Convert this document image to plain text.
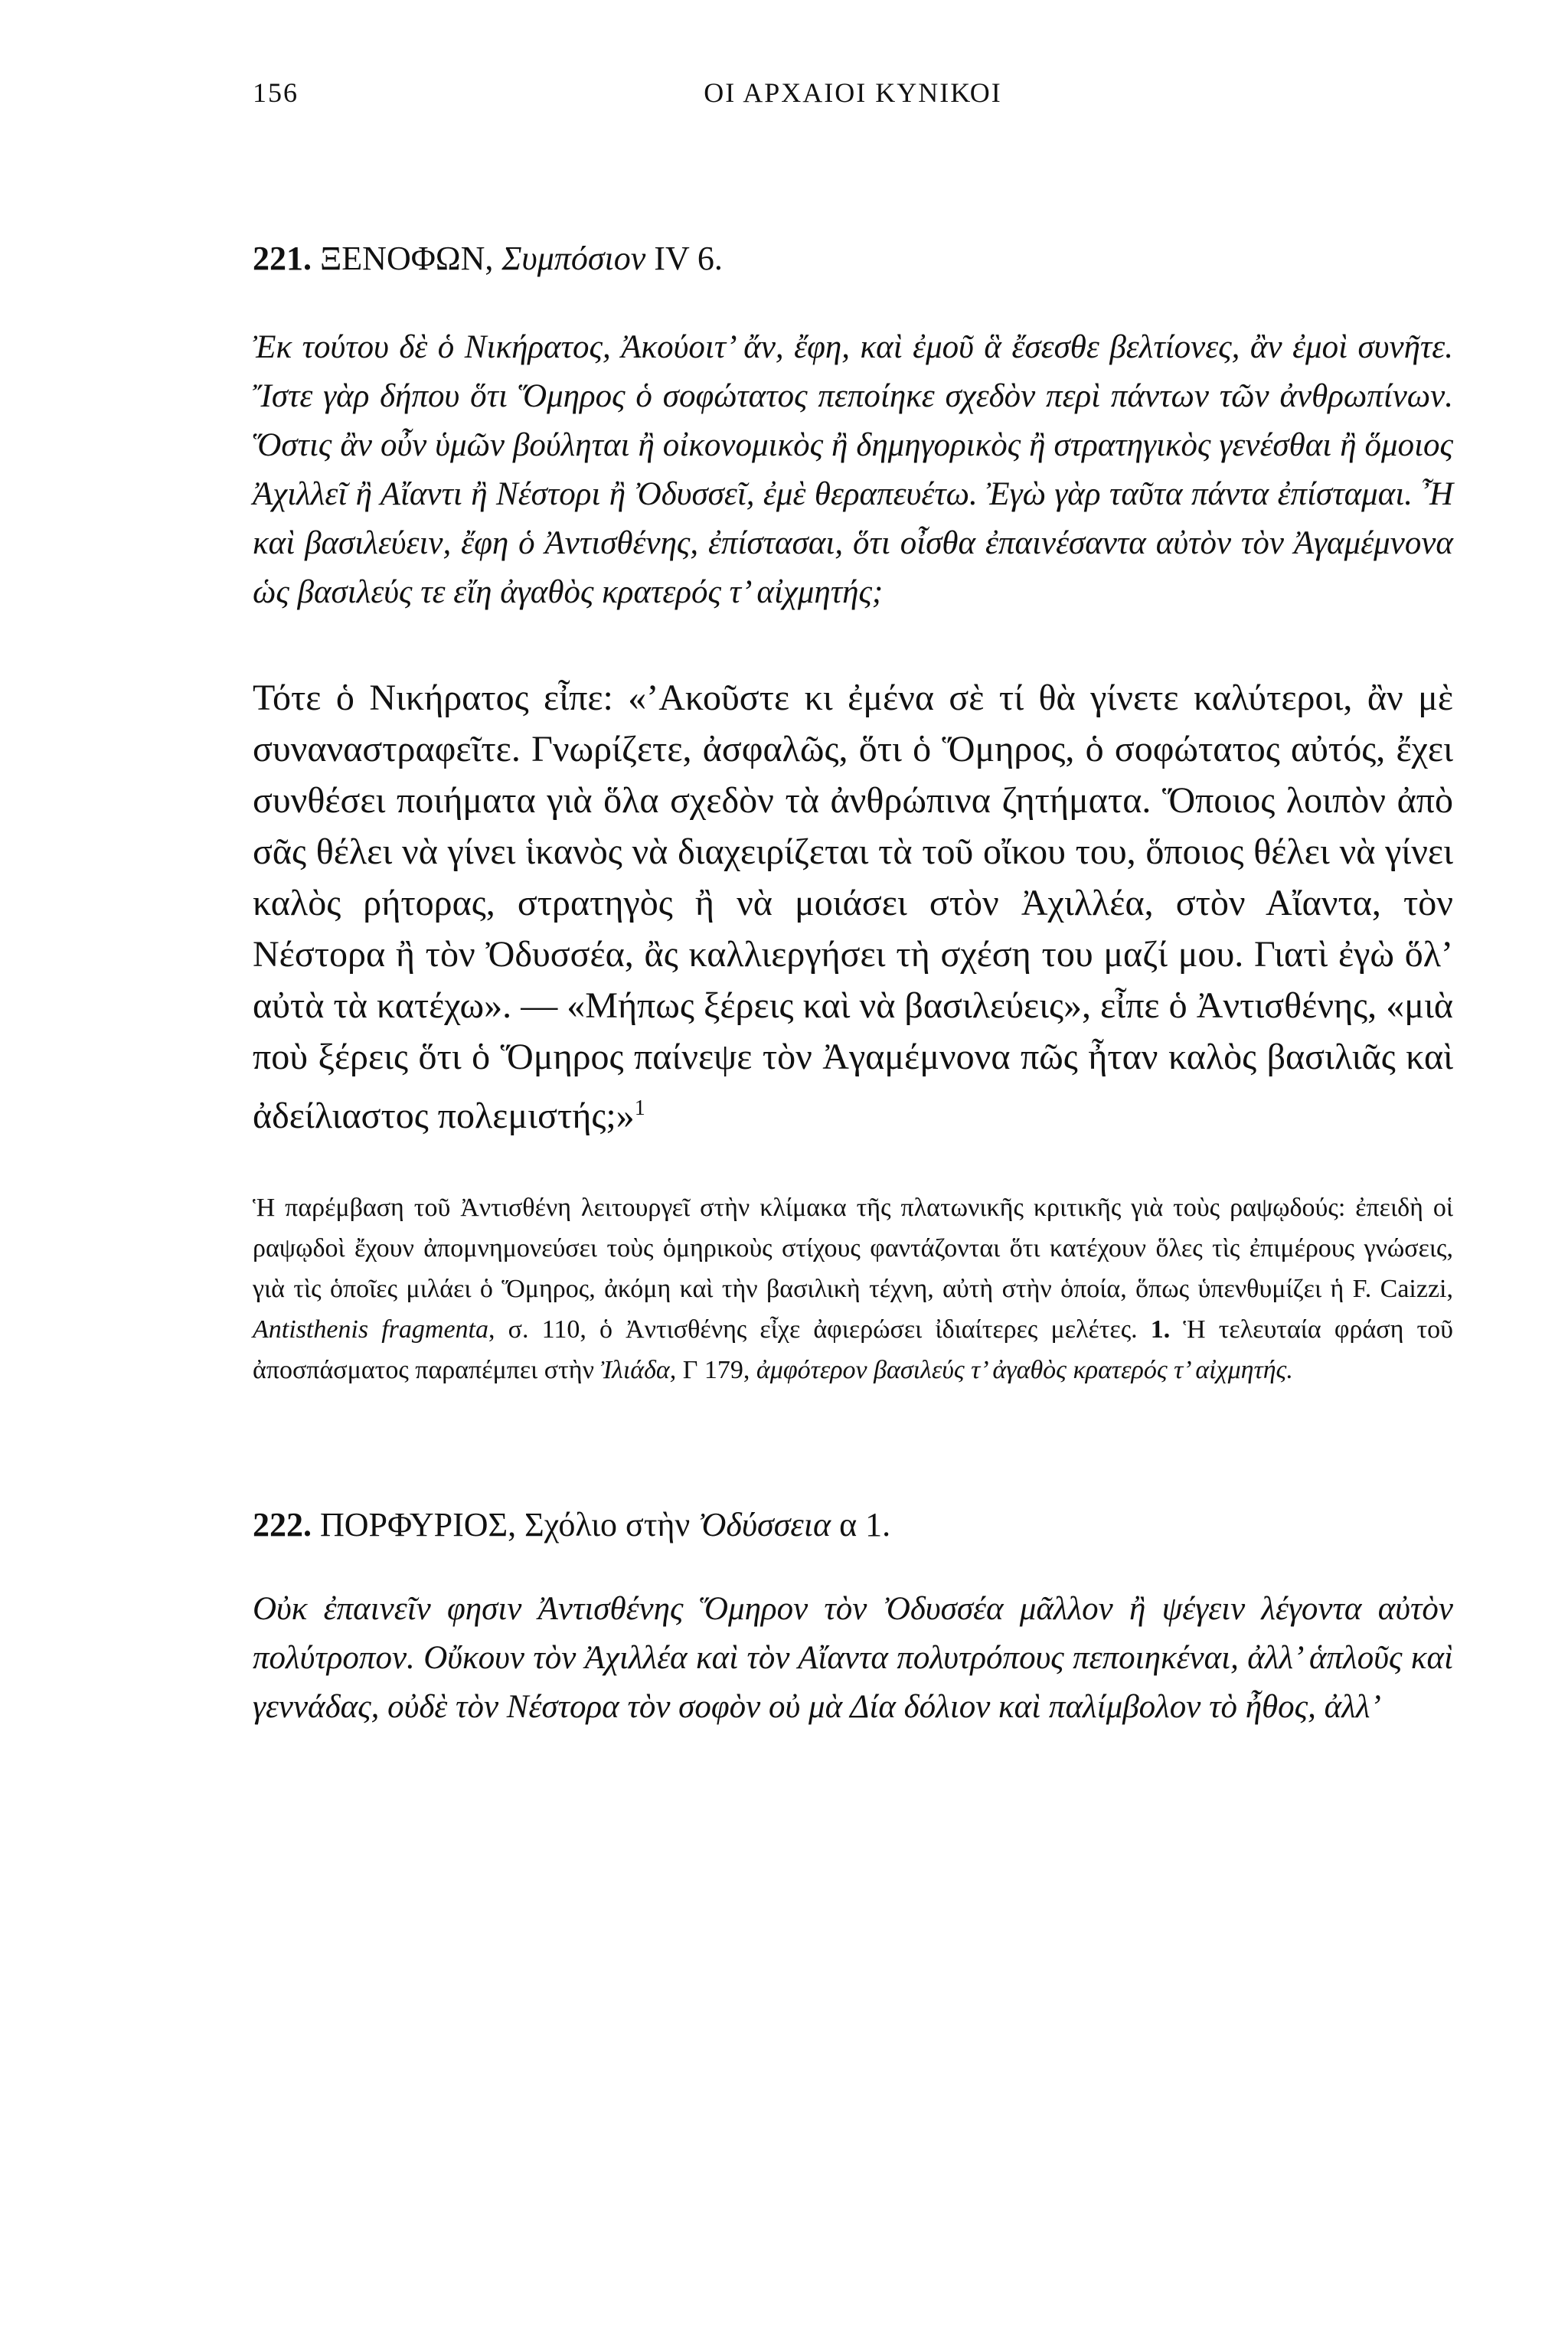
156	ΟΙ ΑΡΧΑΙΟΙ ΚΥΝΙΚΟΙ
221. ΞΕΝΟΦΩΝ, Συμπόσιον IV 6.
Ἐκ τούτου δὲ ὁ Νικήρατος, Ἀκούοιτ’ ἄν, ἔφη, καὶ ἐμοῦ ἃ ἔσεσθε βελτίονες, ἂν ἐμοὶ συνῆτε. Ἴστε γὰρ δήπου ὅτι Ὅμηρος ὁ σοφώτατος πεποίηκε σχεδὸν περὶ πάντων τῶν ἀνθρωπίνων. Ὅστις ἂν οὖν ὑμῶν βούληται ἢ οἰκονομικὸς ἢ δημηγορικὸς ἢ στρατηγικὸς γενέσθαι ἢ ὅμοιος Ἀχιλλεῖ ἢ Αἴαντι ἢ Νέστορι ἢ Ὀδυσσεῖ, ἐμὲ θεραπευέτω. Ἐγὼ γὰρ ταῦτα πάντα ἐπίσταμαι. Ἦ καὶ βασιλεύειν, ἔφη ὁ Ἀντισθένης, ἐπίστασαι, ὅτι οἶσθα ἐπαινέσαντα αὐτὸν τὸν Ἀγαμέμνονα ὡς βασιλεύς τε εἴη ἀγαθὸς κρατερός τ’ αἰχμητής;
Τότε ὁ Νικήρατος εἶπε: «’Ακοῦστε κι ἐμένα σὲ τί θὰ γίνετε καλύτεροι, ἂν μὲ συναναστραφεῖτε. Γνωρίζετε, ἀσφαλῶς, ὅτι ὁ Ὅμηρος, ὁ σοφώτατος αὐτός, ἔχει συνθέσει ποιήματα γιὰ ὅλα σχεδὸν τὰ ἀνθρώπινα ζητήματα. Ὅποιος λοιπὸν ἀπὸ σᾶς θέλει νὰ γίνει ἱκανὸς νὰ διαχειρίζεται τὰ τοῦ οἴκου του, ὅποιος θέλει νὰ γίνει καλὸς ρήτορας, στρατηγὸς ἢ νὰ μοιάσει στὸν Ἀχιλλέα, στὸν Αἴαντα, τὸν Νέστορα ἢ τὸν Ὀδυσσέα, ἂς καλλιεργήσει τὴ σχέση του μαζί μου. Γιατὶ ἐγὼ ὅλ’ αὐτὰ τὰ κατέχω». — «Μήπως ξέρεις καὶ νὰ βασιλεύεις», εἶπε ὁ Ἀντισθένης, «μιὰ ποὺ ξέρεις ὅτι ὁ Ὅμηρος παίνεψε τὸν Ἀγαμέμνονα πῶς ἦταν καλὸς βασιλιᾶς καὶ ἀδείλιαστος πολεμιστής;»$^1$
Ἡ παρέμβαση τοῦ Ἀντισθένη λειτουργεῖ στὴν κλίμακα τῆς πλατωνικῆς κριτικῆς γιὰ τοὺς ραψῳδούς: ἐπειδὴ οἱ ραψῳδοὶ ἔχουν ἀπομνημονεύσει τοὺς ὁμηρικοὺς στίχους φαντάζονται ὅτι κατέχουν ὅλες τὶς ἐπιμέρους γνώσεις, γιὰ τὶς ὁποῖες μιλάει ὁ Ὅμηρος, ἀκόμη καὶ τὴν βασιλικὴ τέχνη, αὐτὴ στὴν ὁποία, ὅπως ὑπενθυμίζει ἡ F. Caizzi, Antisthenis fragmenta, σ. 110, ὁ Ἀντισθένης εἶχε ἀφιερώσει ἰδιαίτερες μελέτες. 1. Ἡ τελευταία φράση τοῦ ἀποσπάσματος παραπέμπει στὴν Ἰλιάδα, Γ 179, ἀμφότερον βασιλεύς τ’ ἀγαθὸς κρατερός τ’ αἰχμητής.
222. ΠΟΡΦΥΡΙΟΣ, Σχόλιο στὴν Ὀδύσσεια α 1.
Οὐκ ἐπαινεῖν φησιν Ἀντισθένης Ὅμηρον τὸν Ὀδυσσέα μᾶλλον ἢ ψέγειν λέγοντα αὐτὸν πολύτροπον. Οὔκουν τὸν Ἀχιλλέα καὶ τὸν Αἴαντα πολυτρόπους πεποιηκέναι, ἀλλ’ ἁπλοῦς καὶ γεννάδας, οὐδὲ τὸν Νέστορα τὸν σοφὸν οὐ μὰ Δία δόλιον καὶ παλίμβολον τὸ ἦθος, ἀλλ’
